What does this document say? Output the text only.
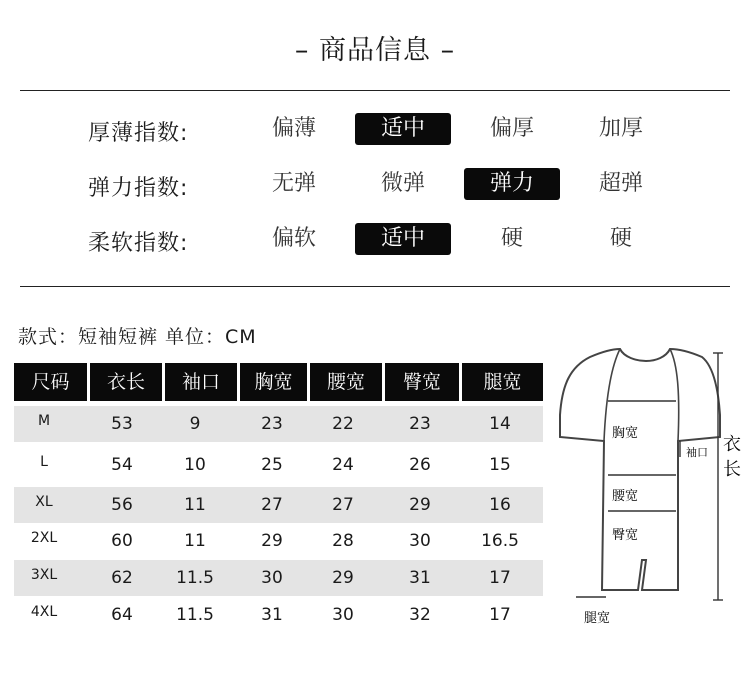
– 商品信息 –
厚薄指数:	偏薄	适中	偏厚	加厚
弹力指数:	无弹	微弹	弹力	超弹
柔软指数:	偏软	适中	硬	硬
款式：短袖短裤 单位：CM
尺码	衣长	袖口	胸宽	腰宽	臀宽	腿宽
M	53	9	23	22	23	14
L	54	10	25	24	26	15
XL	56	11	27	27	29	16
2XL	60	11	29	28	30	16.5
3XL	62	11.5	30	29	31	17
4XL	64	11.5	31	30	32	17
胸宽
腰宽
臀宽
腿宽
袖口 衣
长
